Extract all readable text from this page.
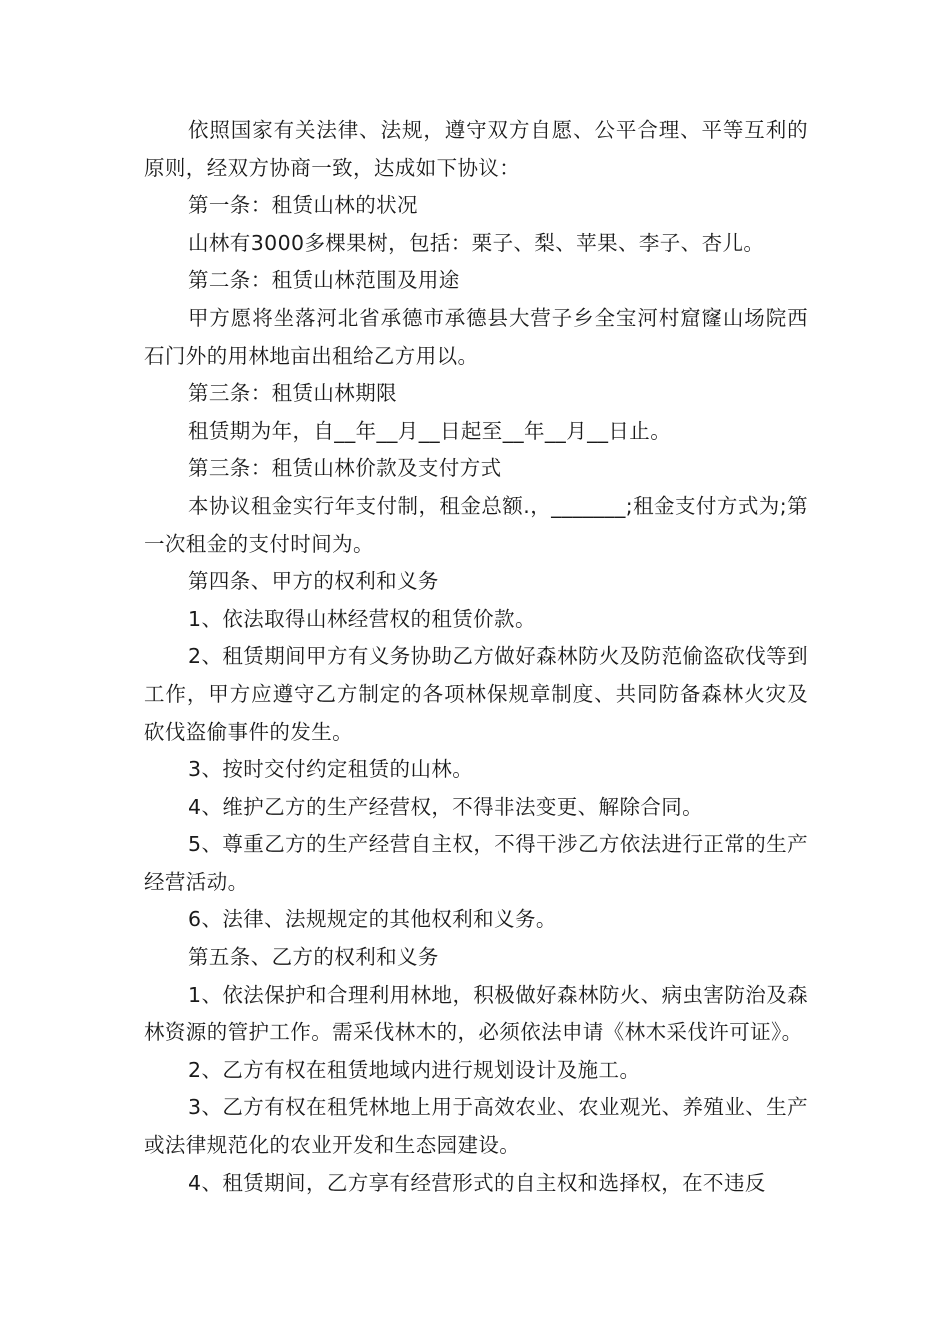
依照国家有关法律、法规，遵守双方自愿、公平合理、平等互利的原则，经双方协商一致，达成如下协议：

第一条：租赁山林的状况

山林有3000多棵果树，包括：栗子、梨、苹果、李子、杏儿。

第二条：租赁山林范围及用途

甲方愿将坐落河北省承德市承德县大营子乡全宝河村窟窿山场院西石门外的用林地亩出租给乙方用以。

第三条：租赁山林期限

租赁期为年，自__年__月__日起至__年__月__日止。

第三条：租赁山林价款及支付方式

本协议租金实行年支付制，租金总额.，_______;租金支付方式为;第一次租金的支付时间为。

第四条、甲方的权利和义务

1、依法取得山林经营权的租赁价款。

2、租赁期间甲方有义务协助乙方做好森林防火及防范偷盗砍伐等到工作，甲方应遵守乙方制定的各项林保规章制度、共同防备森林火灾及砍伐盗偷事件的发生。

3、按时交付约定租赁的山林。

4、维护乙方的生产经营权，不得非法变更、解除合同。

5、尊重乙方的生产经营自主权，不得干涉乙方依法进行正常的生产经营活动。

6、法律、法规规定的其他权利和义务。

第五条、乙方的权利和义务

1、依法保护和合理利用林地，积极做好森林防火、病虫害防治及森林资源的管护工作。需采伐林木的，必须依法申请《林木采伐许可证》。

2、乙方有权在租赁地域内进行规划设计及施工。

3、乙方有权在租凭林地上用于高效农业、农业观光、养殖业、生产或法律规范化的农业开发和生态园建设。

4、租赁期间，乙方享有经营形式的自主权和选择权，在不违反
